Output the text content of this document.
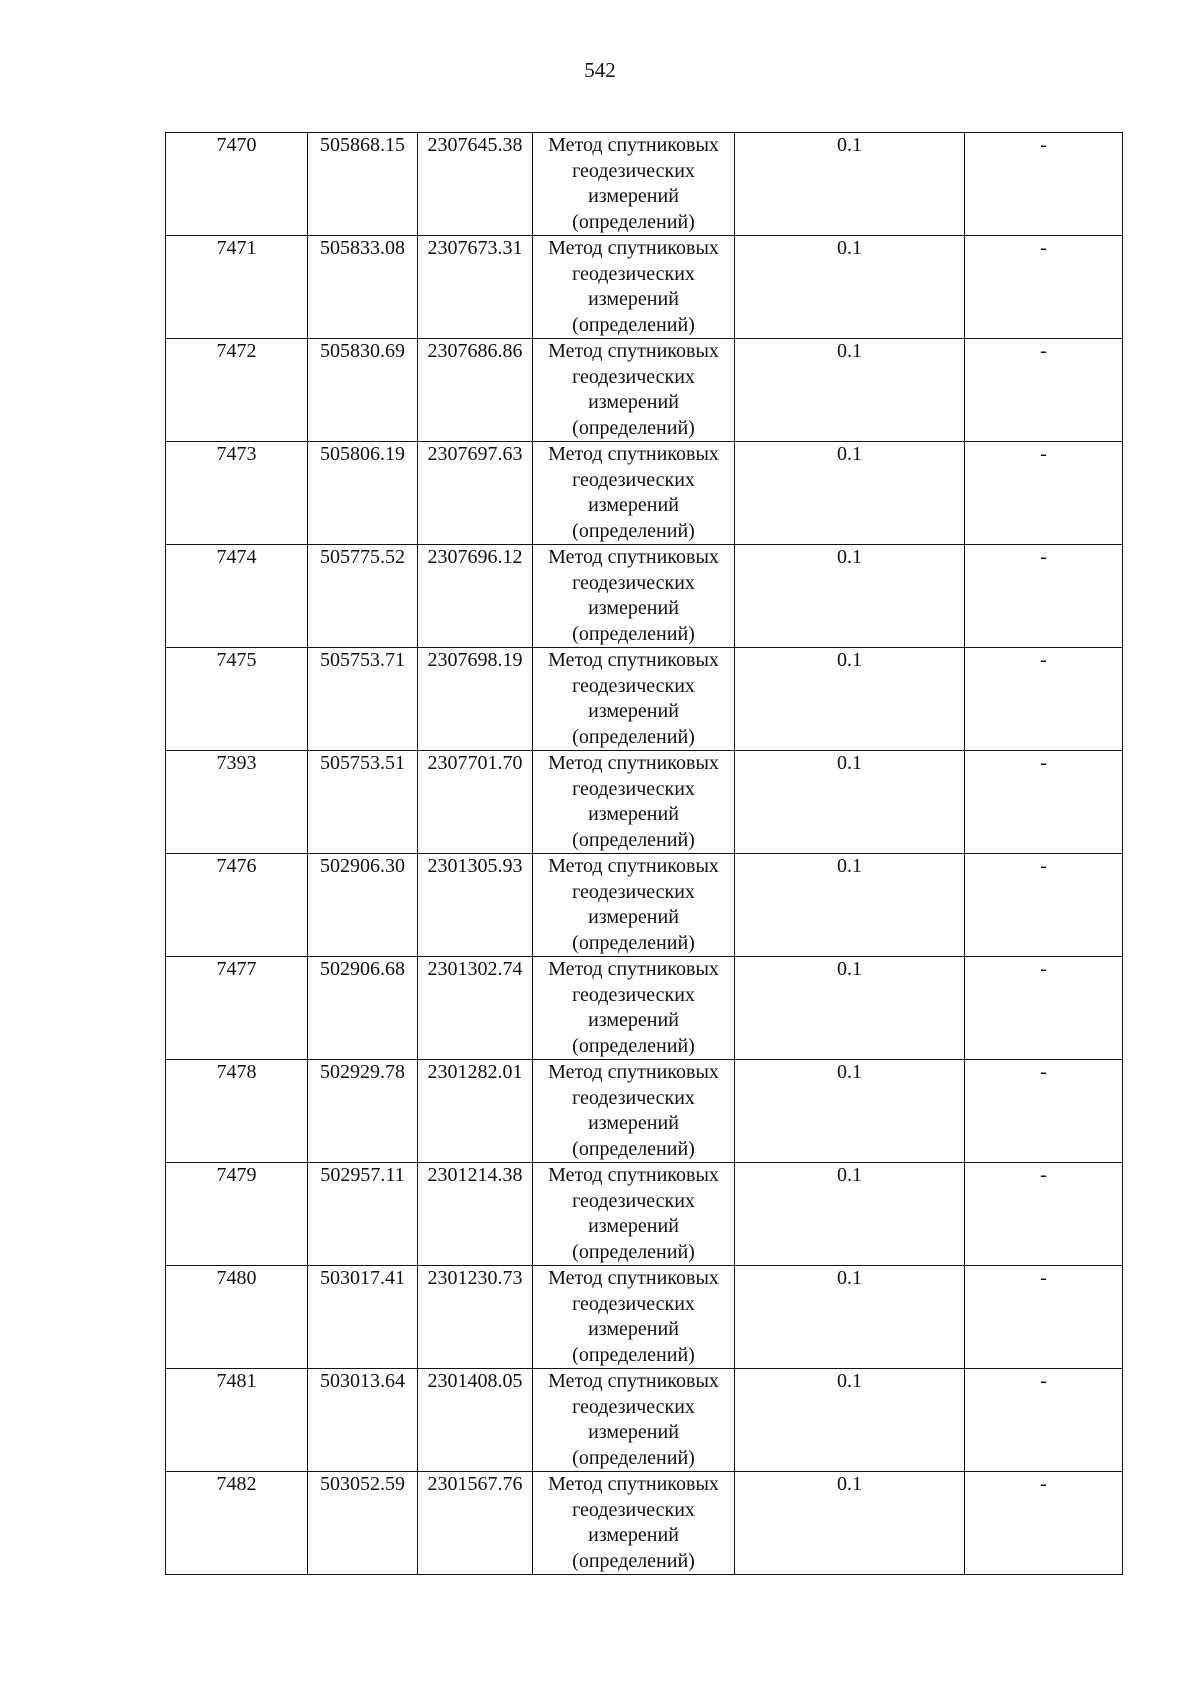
542
7470	505868.15	2307645.38	Метод спутниковых геодезических измерений (определений)	0.1	-

7471	505833.08	2307673.31	Метод спутниковых геодезических измерений (определений)	0.1	-

7472	505830.69	2307686.86	Метод спутниковых геодезических измерений (определений)	0.1	-

7473	505806.19	2307697.63	Метод спутниковых геодезических измерений (определений)	0.1	-

7474	505775.52	2307696.12	Метод спутниковых геодезических измерений (определений)	0.1	-

7475	505753.71	2307698.19	Метод спутниковых геодезических измерений (определений)	0.1	-

7393	505753.51	2307701.70	Метод спутниковых геодезических измерений (определений)	0.1	-

7476	502906.30	2301305.93	Метод спутниковых геодезических измерений (определений)	0.1	-

7477	502906.68	2301302.74	Метод спутниковых геодезических измерений (определений)	0.1	-

7478	502929.78	2301282.01	Метод спутниковых геодезических измерений (определений)	0.1	-

7479	502957.11	2301214.38	Метод спутниковых геодезических измерений (определений)	0.1	-

7480	503017.41	2301230.73	Метод спутниковых геодезических измерений (определений)	0.1	-

7481	503013.64	2301408.05	Метод спутниковых геодезических измерений (определений)	0.1	-

7482	503052.59	2301567.76	Метод спутниковых геодезических измерений (определений)	0.1	-
